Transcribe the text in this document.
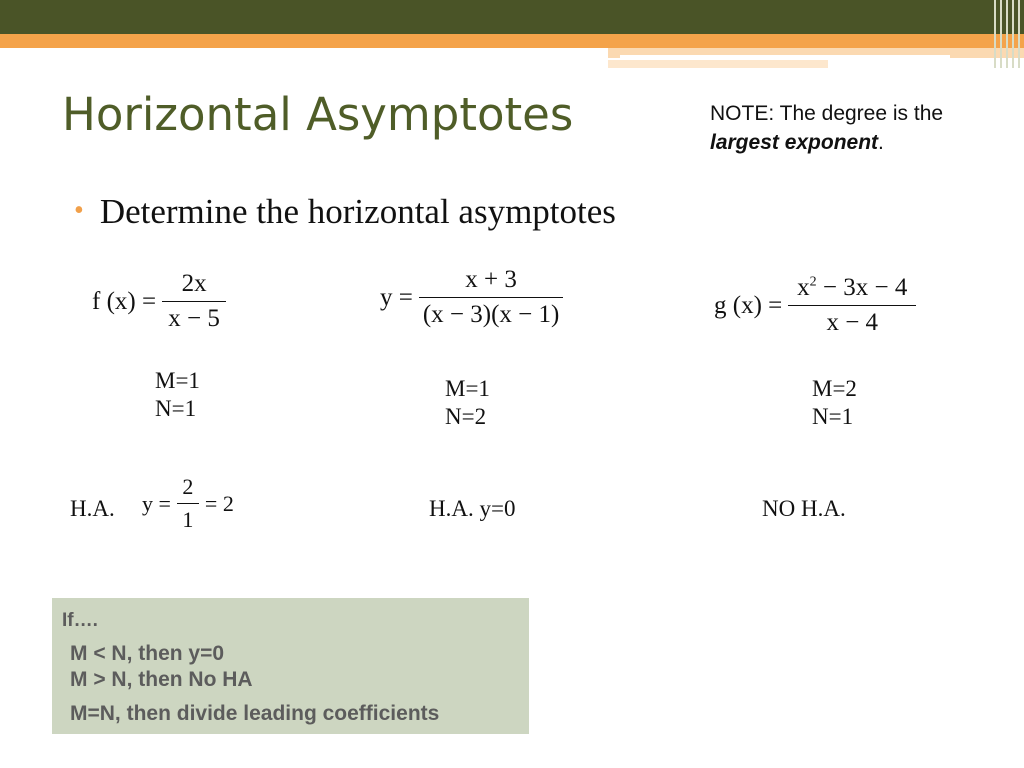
Horizontal Asymptotes	NOTE: The degree is the largest exponent.
• Determine the horizontal asymptotes
f $(x) = \frac{2x}{x - 5}$
M=1
N=1
H.A. $y = \frac{2}{1} = 2$
$y = \frac{x + 3}{(x - 3)(x - 1)}$
M=1
N=2
H.A. y=0
g $(x) = \frac{x^2 - 3x - 4}{x - 4}$
M=2
N=1
NO H.A.
If….
M < N, then y=0
M > N, then No HA
M=N, then divide leading coefficients
